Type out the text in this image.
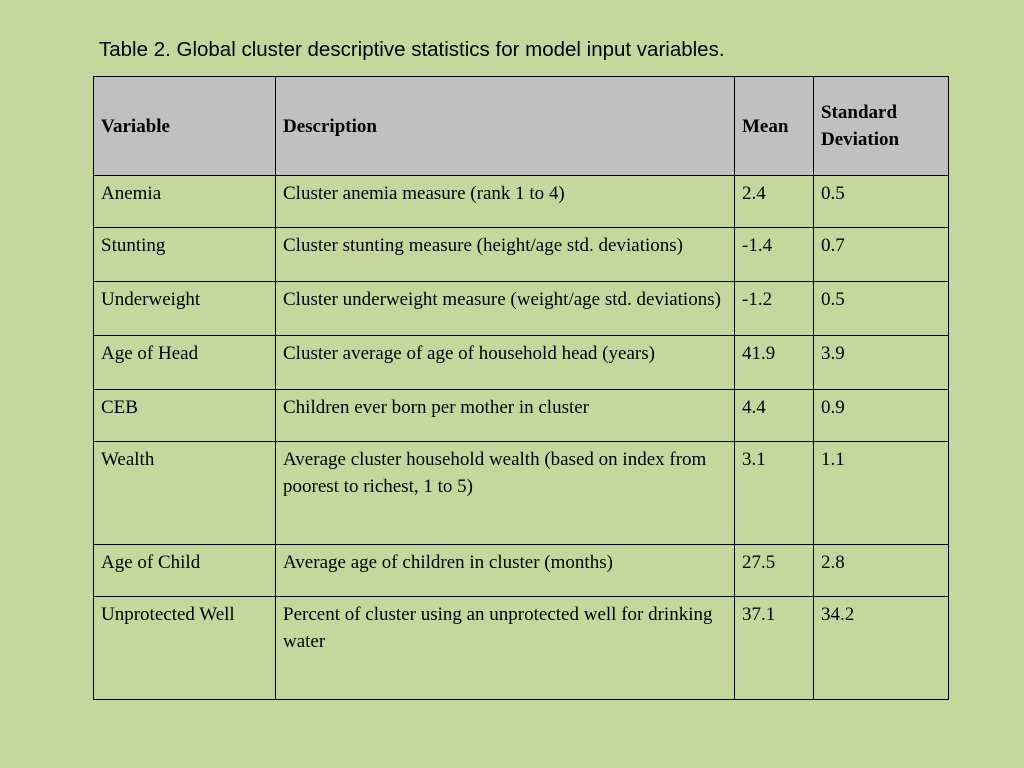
Table 2. Global cluster descriptive statistics for model input variables.
Variable	Description	Mean	Standard Deviation
Anemia	Cluster anemia measure (rank 1 to 4)	2.4	0.5
Stunting	Cluster stunting measure (height/age std. deviations)	-1.4	0.7
Underweight	Cluster underweight measure (weight/age std. deviations)	-1.2	0.5
Age of Head	Cluster average of age of household head (years)	41.9	3.9
CEB	Children ever born per mother in cluster	4.4	0.9
Wealth	Average cluster household wealth (based on index from poorest to richest, 1 to 5)	3.1	1.1
Age of Child	Average age of children in cluster (months)	27.5	2.8
Unprotected Well	Percent of cluster using an unprotected well for drinking water	37.1	34.2
